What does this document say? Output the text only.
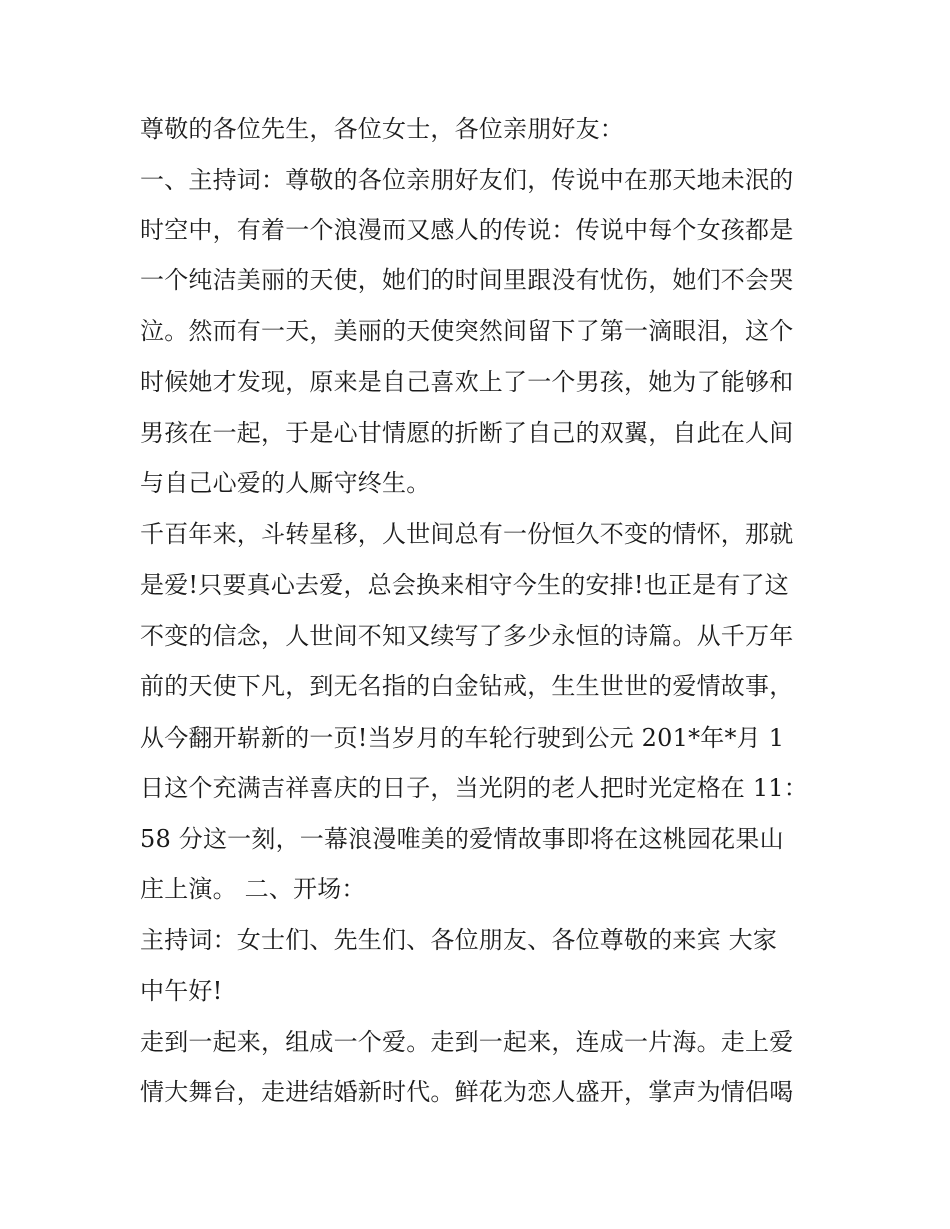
尊敬的各位先生，各位女士，各位亲朋好友：
一、主持词：尊敬的各位亲朋好友们，传说中在那天地未泯的
时空中，有着一个浪漫而又感人的传说：传说中每个女孩都是
一个纯洁美丽的天使，她们的时间里跟没有忧伤，她们不会哭
泣。然而有一天，美丽的天使突然间留下了第一滴眼泪，这个
时候她才发现，原来是自己喜欢上了一个男孩，她为了能够和
男孩在一起，于是心甘情愿的折断了自己的双翼，自此在人间
与自己心爱的人厮守终生。
千百年来，斗转星移，人世间总有一份恒久不变的情怀，那就
是爱!只要真心去爱，总会换来相守今生的安排!也正是有了这
不变的信念，人世间不知又续写了多少永恒的诗篇。从千万年
前的天使下凡，到无名指的白金钻戒，生生世世的爱情故事，
从今翻开崭新的一页!当岁月的车轮行驶到公元 201*年*月 1
日这个充满吉祥喜庆的日子，当光阴的老人把时光定格在 11：
58 分这一刻，一幕浪漫唯美的爱情故事即将在这桃园花果山
庄上演。 二、开场：
主持词：女士们、先生们、各位朋友、各位尊敬的来宾 大家
中午好!
走到一起来，组成一个爱。走到一起来，连成一片海。走上爱
情大舞台，走进结婚新时代。鲜花为恋人盛开，掌声为情侣喝
